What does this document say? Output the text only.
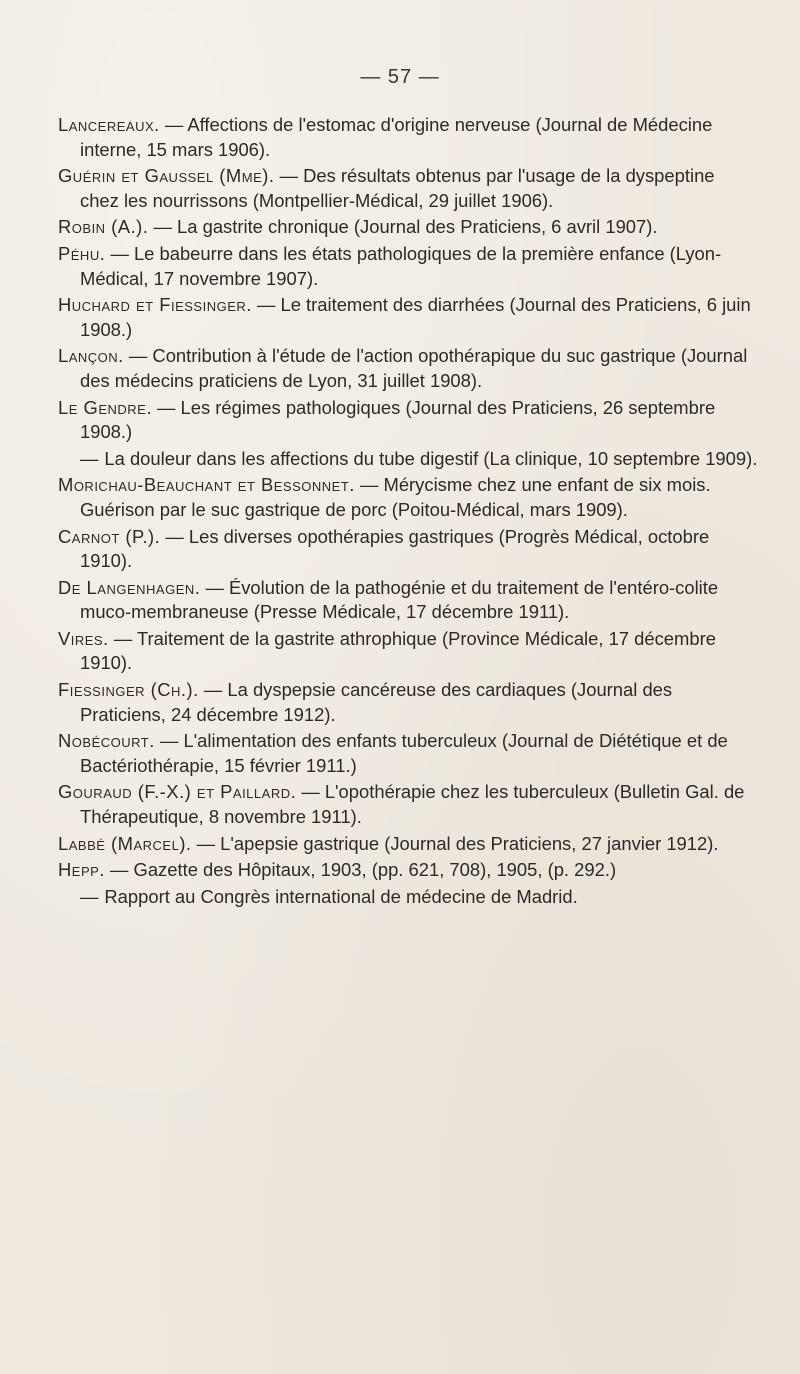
— 57 —

Lancereaux. — Affections de l'estomac d'origine nerveuse (Journal de Médecine interne, 15 mars 1906).

Guérin et Gaussel (Mme). — Des résultats obtenus par l'usage de la dyspeptine chez les nourrissons (Montpellier-Médical, 29 juillet 1906).

Robin (A.). — La gastrite chronique (Journal des Praticiens, 6 avril 1907).

Péhu. — Le babeurre dans les états pathologiques de la première enfance (Lyon-Médical, 17 novembre 1907).

Huchard et Fiessinger. — Le traitement des diarrhées (Journal des Praticiens, 6 juin 1908.)

Lançon. — Contribution à l'étude de l'action opothérapique du suc gastrique (Journal des médecins praticiens de Lyon, 31 juillet 1908).

Le Gendre. — Les régimes pathologiques (Journal des Praticiens, 26 septembre 1908.)

— La douleur dans les affections du tube digestif (La clinique, 10 septembre 1909).

Morichau-Beauchant et Bessonnet. — Mérycisme chez une enfant de six mois. Guérison par le suc gastrique de porc (Poitou-Médical, mars 1909).

Carnot (P.). — Les diverses opothérapies gastriques (Progrès Médical, octobre 1910).

De Langenhagen. — Évolution de la pathogénie et du traitement de l'entéro-colite muco-membraneuse (Presse Médicale, 17 décembre 1911).

Vires. — Traitement de la gastrite athrophique (Province Médicale, 17 décembre 1910).

Fiessinger (Ch.). — La dyspepsie cancéreuse des cardiaques (Journal des Praticiens, 24 décembre 1912).

Nobécourt. — L'alimentation des enfants tuberculeux (Journal de Diététique et de Bactériothérapie, 15 février 1911.)

Gouraud (F.-X.) et Paillard. — L'opothérapie chez les tuberculeux (Bulletin Gal. de Thérapeutique, 8 novembre 1911).

Labbé (Marcel). — L'apepsie gastrique (Journal des Praticiens, 27 janvier 1912).

Hepp. — Gazette des Hôpitaux, 1903, (pp. 621, 708), 1905, (p. 292.)

— Rapport au Congrès international de médecine de Madrid.
